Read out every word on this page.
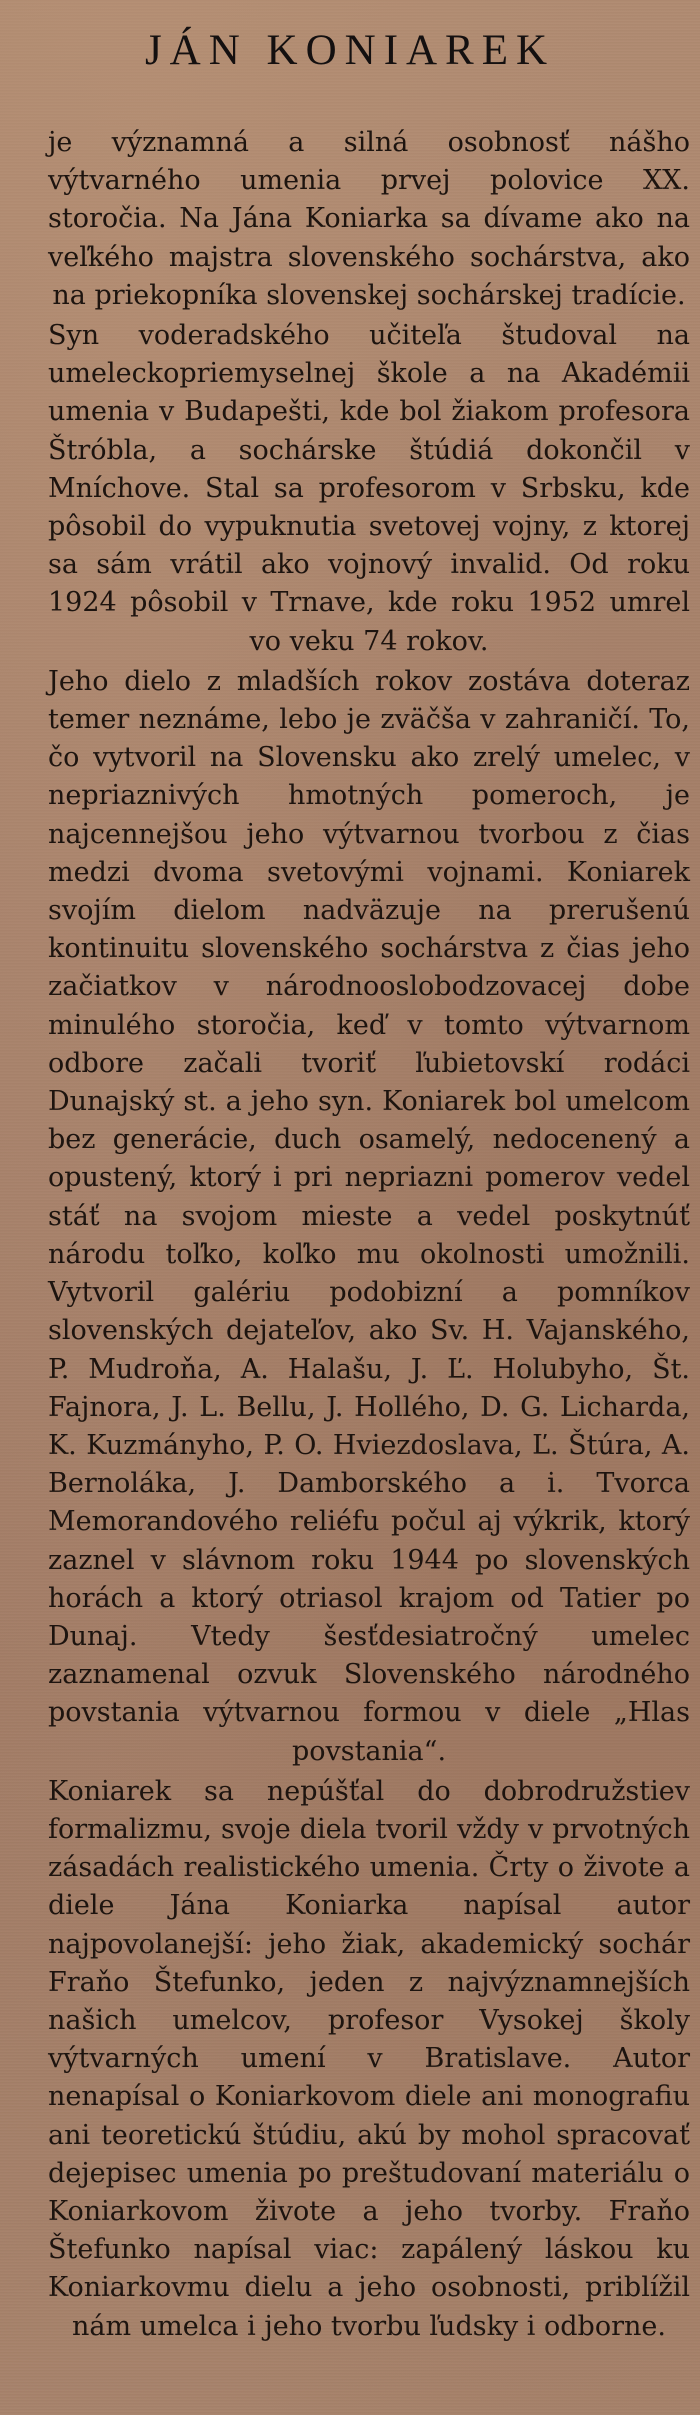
JÁN KONIAREK

je významná a silná osobnosť nášho výtvarného umenia prvej polovice XX. storočia. Na Jána Koniarka sa dívame ako na veľkého majstra slovenského sochárstva, ako na priekopníka slovenskej sochárskej tradície.

Syn voderadského učiteľa študoval na umeleckopriemyselnej škole a na Akadémii umenia v Budapešti, kde bol žiakom profesora Štróbla, a sochárske štúdiá dokončil v Mníchove. Stal sa profesorom v Srbsku, kde pôsobil do vypuknutia svetovej vojny, z ktorej sa sám vrátil ako vojnový invalid. Od roku 1924 pôsobil v Trnave, kde roku 1952 umrel vo veku 74 rokov.

Jeho dielo z mladších rokov zostáva doteraz temer neznáme, lebo je zväčša v zahraničí. To, čo vytvoril na Slovensku ako zrelý umelec, v nepriaznivých hmotných pomeroch, je najcennejšou jeho výtvarnou tvorbou z čias medzi dvoma svetovými vojnami. Koniarek svojím dielom nadväzuje na prerušenú kontinuitu slovenského sochárstva z čias jeho začiatkov v národnooslobodzovacej dobe minulého storočia, keď v tomto výtvarnom odbore začali tvoriť ľubietovskí rodáci Dunajský st. a jeho syn. Koniarek bol umelcom bez generácie, duch osamelý, nedocenený a opustený, ktorý i pri nepriazni pomerov vedel stáť na svojom mieste a vedel poskytnúť národu toľko, koľko mu okolnosti umožnili. Vytvoril galériu podobizní a pomníkov slovenských dejateľov, ako Sv. H. Vajanského, P. Mudroňa, A. Halašu, J. Ľ. Holubyho, Št. Fajnora, J. L. Bellu, J. Hollého, D. G. Licharda, K. Kuzmányho, P. O. Hviezdoslava, Ľ. Štúra, A. Bernoláka, J. Damborského a i. Tvorca Memorandového reliéfu počul aj výkrik, ktorý zaznel v slávnom roku 1944 po slovenských horách a ktorý otriasol krajom od Tatier po Dunaj. Vtedy šesťdesiatročný umelec zaznamenal ozvuk Slovenského národného povstania výtvarnou formou v diele „Hlas povstania“.

Koniarek sa nepúšťal do dobrodružstiev formalizmu, svoje diela tvoril vždy v prvotných zásadách realistického umenia. Črty o živote a diele Jána Koniarka napísal autor najpovolanejší: jeho žiak, akademický sochár Fraňo Štefunko, jeden z najvýznamnejších našich umelcov, profesor Vysokej školy výtvarných umení v Bratislave. Autor nenapísal o Koniarkovom diele ani monografiu ani teoretickú štúdiu, akú by mohol spracovať dejepisec umenia po preštudovaní materiálu o Koniarkovom živote a jeho tvorby. Fraňo Štefunko napísal viac: zapálený láskou ku Koniarkovmu dielu a jeho osobnosti, priblížil nám umelca i jeho tvorbu ľudsky i odborne.
